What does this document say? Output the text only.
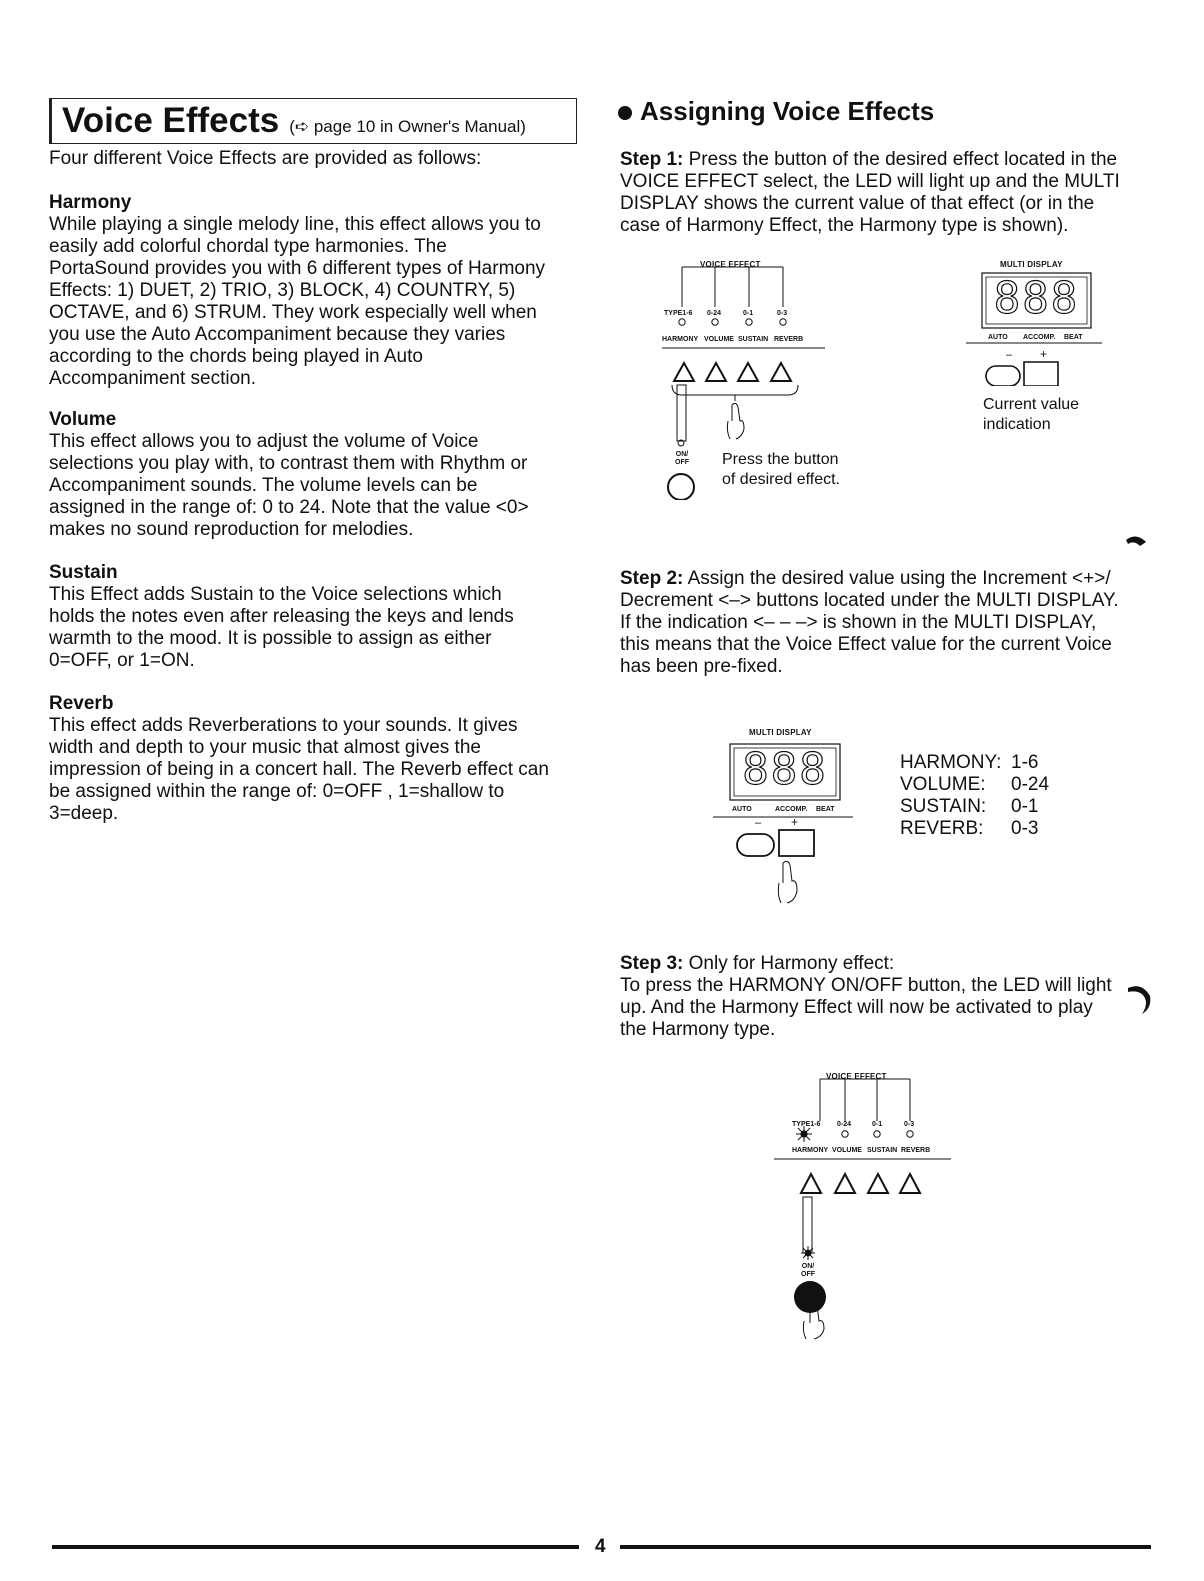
Voice Effects (➪ page 10 in Owner's Manual)
Four different Voice Effects are provided as follows:
Harmony
While playing a single melody line, this effect allows you to
easily add colorful chordal type harmonies. The
PortaSound provides you with 6 different types of Harmony
Effects: 1) DUET, 2) TRIO, 3) BLOCK, 4) COUNTRY, 5)
OCTAVE, and 6) STRUM. They work especially well when
you use the Auto Accompaniment because they varies
according to the chords being played in Auto
Accompaniment section.
Volume
This effect allows you to adjust the volume of Voice
selections you play with, to contrast them with Rhythm or
Accompaniment sounds. The volume levels can be
assigned in the range of: 0 to 24. Note that the value <0>
makes no sound reproduction for melodies.
Sustain
This Effect adds Sustain to the Voice selections which
holds the notes even after releasing the keys and lends
warmth to the mood. It is possible to assign as either
0=OFF, or 1=ON.
Reverb
This effect adds Reverberations to your sounds. It gives
width and depth to your music that almost gives the
impression of being in a concert hall. The Reverb effect can
be assigned within the range of: 0=OFF , 1=shallow to
3=deep.
Assigning Voice Effects
Step 1: Press the button of the desired effect located in the
VOICE EFFECT select, the LED will light up and the MULTI
DISPLAY shows the current value of that effect (or in the
case of Harmony Effect, the Harmony type is shown).
VOICE EFFECT
TYPE1-6 0-24	0-1	0-3
HARMONY VOLUME SUSTAIN REVERB
ON/ OFF Press the button
of desired effect.
MULTI DISPLAY
888
AUTO ACCOMP. BEAT
– +
Current value
indication
Step 2: Assign the desired value using the Increment <+>/
Decrement <–> buttons located under the MULTI DISPLAY.
If the indication <– – –> is shown in the MULTI DISPLAY,
this means that the Voice Effect value for the current Voice
has been pre-fixed.
MULTI DISPLAY
888
AUTO	ACCOMP. BEAT
– +
HARMONY: 1-6
VOLUME:	0-24
SUSTAIN:	0-1
REVERB:	0-3
Step 3: Only for Harmony effect:
To press the HARMONY ON/OFF button, the LED will light
up. And the Harmony Effect will now be activated to play
the Harmony type.
VOICE EFFECT
TYPE1-6 0-24	0-1	0-3
HARMONY VOLUME SUSTAIN REVERB
ON/ OFF
4
